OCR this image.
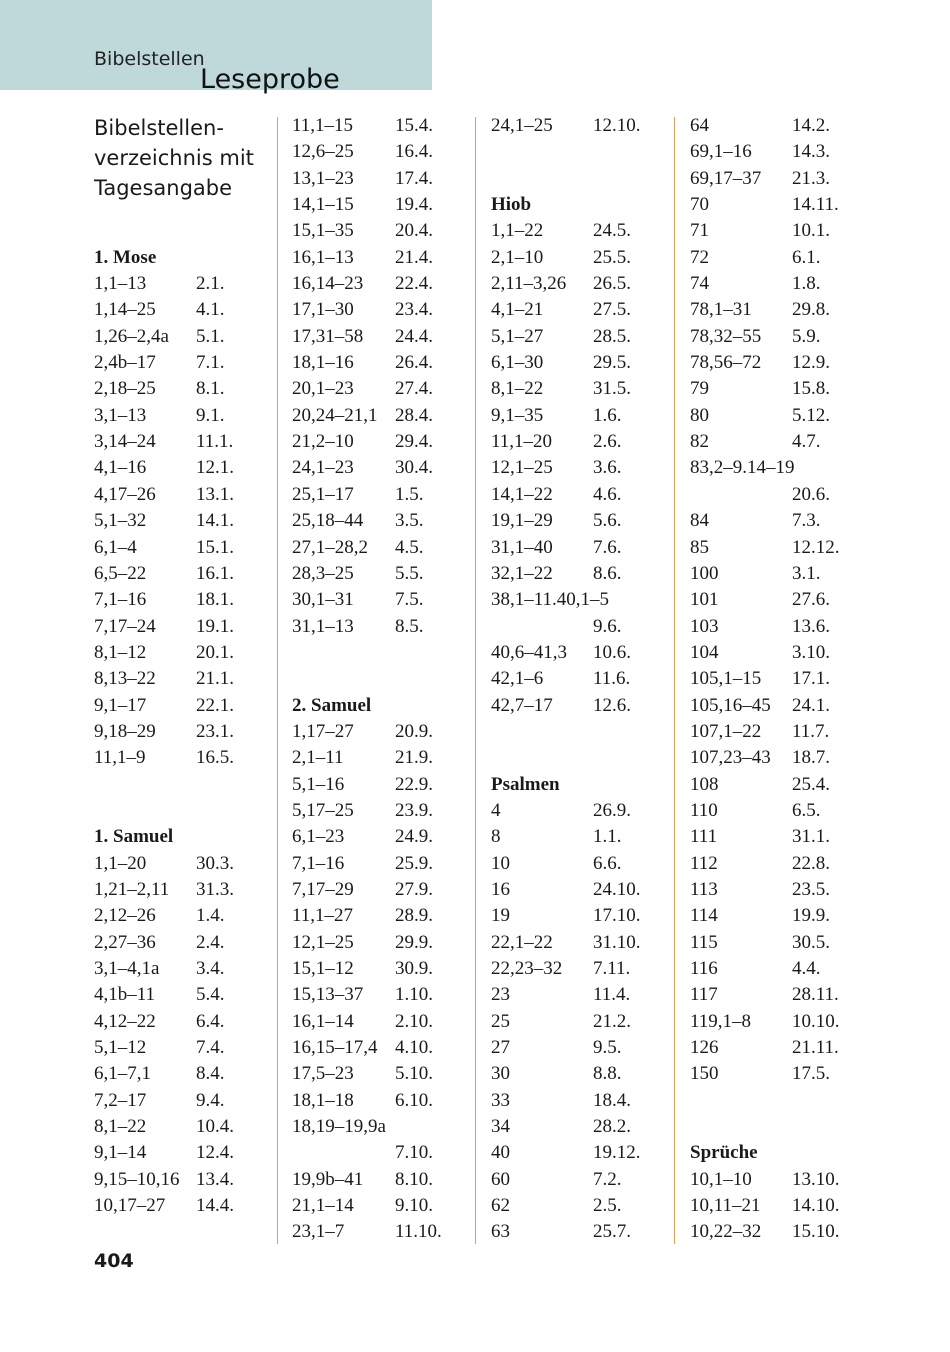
Bibelstellen
Leseprobe
Bibelstellen-
verzeichnis mit
Tagesangabe
1. Mose
1,1–13	2.1.
1,14–25 4.1.
1,26–2,4a 5.1.
2,4b–17 7.1.
2,18–25 8.1.
3,1–13	9.1.
3,14–24 11.1.
4,1–16	12.1.
4,17–26 13.1.
5,1–32	14.1.
6,1–4	15.1.
6,5–22	16.1.
7,1–16	18.1.
7,17–24 19.1.
8,1–12	20.1.
8,13–22 21.1.
9,1–17	22.1.
9,18–29 23.1.
11,1–9	16.5.
1. Samuel
1,1–20	30.3.
1,21–2,11 31.3.
2,12–26 1.4.
2,27–36 2.4.
3,1–4,1a 3.4.
4,1b–11 5.4.
4,12–22 6.4.
5,1–12	7.4.
6,1–7,1 8.4.
7,2–17	9.4.
8,1–22	10.4.
9,1–14	12.4.
9,15–10,16 13.4.
10,17–27 14.4.
11,1–15 15.4.
12,6–25 16.4.
13,1–23 17.4.
14,1–15 19.4.
15,1–35 20.4.
16,1–13 21.4.
16,14–23 22.4.
17,1–30 23.4.
17,31–58 24.4.
18,1–16 26.4.
20,1–23 27.4.
20,24–21,1 28.4.
21,2–10 29.4.
24,1–23 30.4.
25,1–17 1.5.
25,18–44 3.5.
27,1–28,2 4.5.
28,3–25 5.5.
30,1–31 7.5.
31,1–13 8.5.
2. Samuel
1,17–27 20.9.
2,1–11	21.9.
5,1–16	22.9.
5,17–25 23.9.
6,1–23	24.9.
7,1–16	25.9.
7,17–29 27.9.
11,1–27 28.9.
12,1–25 29.9.
15,1–12 30.9.
15,13–37 1.10.
16,1–14 2.10.
16,15–17,4 4.10.
17,5–23 5.10.
18,1–18 6.10.
18,19–19,9a
7.10.
19,9b–41 8.10.
21,1–14 9.10.
23,1–7	11.10.
24,1–25 12.10.
Hiob
1,1–22	24.5.
2,1–10	25.5.
2,11–3,26 26.5.
4,1–21	27.5.
5,1–27	28.5.
6,1–30	29.5.
8,1–22	31.5.
9,1–35	1.6.
11,1–20 2.6.
12,1–25 3.6.
14,1–22 4.6.
19,1–29 5.6.
31,1–40 7.6.
32,1–22 8.6.
38,1–11.40,1–5
9.6.
40,6–41,3 10.6.
42,1–6	11.6.
42,7–17 12.6.
Psalmen
4	26.9.
8	1.1.
10	6.6.
16	24.10.
19	17.10.
22,1–22 31.10.
22,23–32 7.11.
23	11.4.
25	21.2.
27	9.5.
30	8.8.
33	18.4.
34	28.2.
40	19.12.
60	7.2.
62	2.5.
63	25.7.
64	14.2.
69,1–16 14.3.
69,17–37 21.3.
70	14.11.
71	10.1.
72	6.1.
74	1.8.
78,1–31 29.8.
78,32–55 5.9.
78,56–72 12.9.
79	15.8.
80	5.12.
82	4.7.
83,2–9.14–19
20.6.
84	7.3.
85	12.12.
100	3.1.
101	27.6.
103	13.6.
104	3.10.
105,1–15 17.1.
105,16–45 24.1.
107,1–22 11.7.
107,23–43 18.7.
108	25.4.
110	6.5.
111	31.1.
112	22.8.
113	23.5.
114	19.9.
115	30.5.
116	4.4.
117	28.11.
119,1–8 10.10.
126	21.11.
150	17.5.
Sprüche
10,1–10 13.10.
10,11–21 14.10.
10,22–32 15.10.
404
